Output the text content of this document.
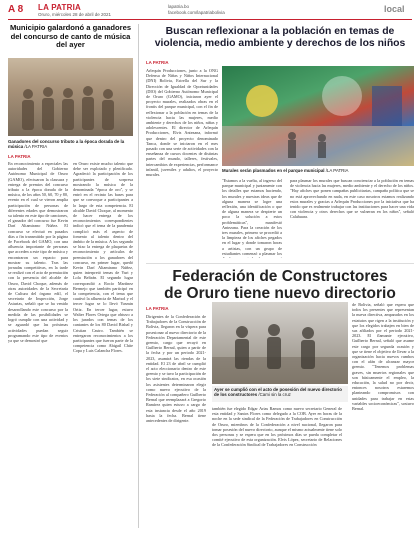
A 8 LA PATRIA
Oruro, miércoles 28 de abril de 2021
lapatria.bo
facebook.com/lapatriabolivia	local
Municipio galardonó a ganadores del concurso de canto de música del ayer
Ganadores del concurso tributo a la época dorada de la música /LA PATRIA
LA PATRIA
En reconocimiento a especiales las autoridades del Gobierno Autónomo Municipal de Oruro (GAMO), efectuaron la clausura y entrega de premios del concurso tributo a la época dorada de la música, de los años 50, 60, 70 y 80, evento en el cual se vieron amplia participación de personas de diferentes edades que demostraron su talento en este tipo de canciones, el ganador del concurso fue Kevin Darí Altamirano Núñez. El concurso se efectuó en pasados días a fin transmitido por la página de Facebook del GAMO, con una afluencia importante de personas que acceden a este tipo de música y encontraron un espacio para mostrar su talento. Tras las jornadas competitivas, en la tarde se realizó con el acto de premiación con la presencia del alcalde de Oruro, David Choque, además de otras autoridades de la Secretaría de Cultura del órgano edil, el secretario de Inspección, Jorge Asturias, señaló que se ha venido desarrollando este concurso por la medida de las posibilidades se logró cumplir con una actividad y se aguardó que las próximas actividades puedan seguir programando este tipo de eventos ya que se demostró que
en Oruro existe mucho talento que debe ser explotado y plenificado. Agradeció la participación de los participantes de sorpresa mostrando la música de la denominada "época de oro", y se entró en el recinto las bases para que se convoque a participantes a lo largo de esta competencia. El alcalde David Choque, al momento de hacer entrega de los reconocimientos correspondientes indicó que el tema de la pandemia complicó más el aspecto de fomento al talento dentro del ámbito de la música. A los segundo se hizo la entrega de plaquetas de reconocimiento y artículos de premiación a los ganadores del concurso, en primer lugar, quedó Kevin Darí Altamirano Núñez, quien interpretó temas de Yuri y Lola Beltrán. El segundo lugar correspondió a Rocío Martínez Bermejo que también participó en la competencia, con el tema que cautivó la afluencia de Marisol y el tercer lugar se lo llevó Yasmin Ortiz. En tercer lugar, estuvo Walter Flores Ortega que obtuvo a los jurados con temas de los cantantes de los 80 David Bisbal y Cristian Castro. También se entregaron reconocimientos a los participantes que fueron parte de la competencia como Abigail Chite Copa y Luis Calancha Flores.
Buscan reflexionar a la población en temas de violencia, medio ambiente y derechos de los niños
LA PATRIA
Arlequín Producciones, junto a la ONG Defensa de Niñas y Niños Internacional (DNI) Bolivia, Estrella del Sur y la Dirección de Igualdad de Oportunidades (DIO) del Gobierno Autónomo Municipal de Oruro (GAMO), iniciaron ayer el proyecto murales, realizados obras en el frontis del parque municipal, con el fin de reflexionar a la población en temas de la violencia hacia las mujeres, medio ambiente y derechos de los niños, niñas y adolescentes. El director de Arlequín Producciones, Elvis Antezana, informó que dentro del proyecto denominado Tanca, donde se iniciaron en el mes pasado con una serie de actividades con la enseñanza de cursos docentes de distintas partes del mundo, talleres, festivales, intercambios de experiencias, performance infantil, juveniles y adultos, el proyecto murales.
Murales serán plasmados en el parque municipal /LA PATRIA
"Estamos a la vuelta, al ingreso del parque municipal y juntamente con los detalles que estamos haciendo, los murales y nuestras ideas que de alguna manera se logre una reflexión, una identificación o que de alguna manera se despierte un poco la solución a estos problemáticas", manifestó Antezana. Para la creación de los tres murales, primero se procedió a la limpieza de los afiches pegados en el lugar y donde tomaron horas a artistas, con un grupo de estudiantes comenzó a plasmar los
para plasmar los murales que buscan concienciar a la población en temas de violencia hacia las mujeres, medio ambiente y el derecho de los niños. "Hay afiches que ponen campañas publicitarias, campaña política que se no está aprovechando en nada, en este caso nosotros estamos realizando estos murales y gracias a Arlequín Producciones por la iniciativa que ha tenido que es realmente trabajar con las instituciones para hacer una vida con violencia y otros derechos que se vulneran en los niños", señaló Calahuara.
Federación de Constructores
de Oruro tiene nuevo directorio
LA PATRIA
Dirigentes de la Confederación de Trabajadores de la Construcción de Bolivia, llegaron en la víspera para posesionar al nuevo directorio de la Federación Departamental de este gremio, cargo que recayó en Guilberto Bernal, quien a partir de la fecha y por un periodo 2021-2023, asumirá las riendas de la entidad. El 23 de abril se cumplió el acto eleccionario dentro de este gremio y se tuvo la participación de los siete sindicatos, en esa ocasión los asistentes determinaron elegir como nuevo ejecutivo de la Federación al compañero Guilberto Bernal que reemplazará a Gregorio Ramírez quien estuvo a cargo de esta instancia desde el año 2019 hasta la fecha. Bernal tiene antecedentes de dirigente.
Ayer se cumplió con el acto de posesión del nuevo directorio de los constructores /Cami sin la cruz
también fue elegido Edgar Arias Ramos como nuevo secretario General de esta entidad y Santos Flores como delegado a la COB. Ayer en horas de la noche en la sede sindical de la Federación de Trabajadores en Construcción de Oruro, miembros de la Confederación a nivel nacional, llegaron para tomar posesión del nuevo directorio, aunque el mismo actualmente tiene solo dos personas y se espera que en los próximos días se pueda completar el comité ejecutivo de esta organización. Elvis López, secretario de Relaciones de la Confederación Sindical de Trabajadores en Construcción
de Bolivia, señaló que espera que todos los presentes que representan la nueva directiva, amparados en los estatutos que rigen a la institución y que los elegidos trabajen en bien de sus afiliados por el periodo 2021-2023. El flamante ejecutivo, Guilberto Bernal, señaló que asume este cargo por segunda ocasión y que se tiene el objetivo de llevar a la organización hacia nuevos rumbos con el afán de alcanzar mayor gremio. "Tenemos problemas graves, sin muertos regionales que son básicamente el empleo, la educación, la salud no por decir, entonces nosotros estaremos planteando compromisos con unidades para trabajar en estas variables socioeconómicas", sostuvo Bernal.
